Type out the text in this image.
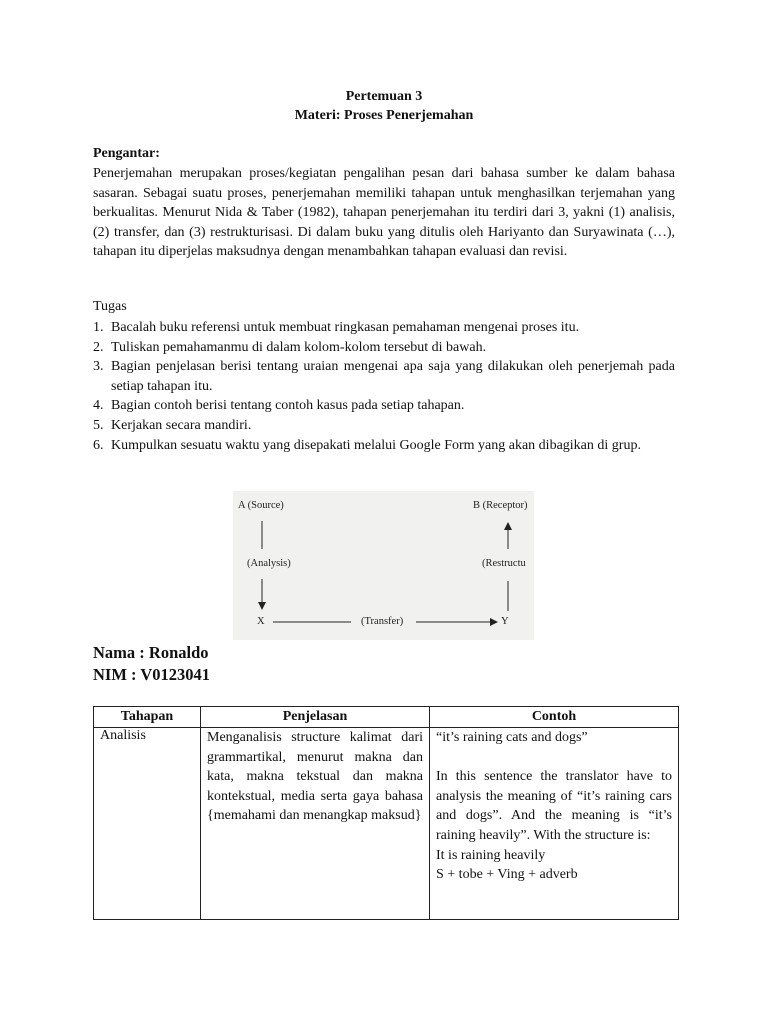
Pertemuan 3
Materi: Proses Penerjemahan
Pengantar:
Penerjemahan merupakan proses/kegiatan pengalihan pesan dari bahasa sumber ke dalam bahasa sasaran. Sebagai suatu proses, penerjemahan memiliki tahapan untuk menghasilkan terjemahan yang berkualitas. Menurut Nida & Taber (1982), tahapan penerjemahan itu terdiri dari 3, yakni (1) analisis, (2) transfer, dan (3) restrukturisasi. Di dalam buku yang ditulis oleh Hariyanto dan Suryawinata (…), tahapan itu diperjelas maksudnya dengan menambahkan tahapan evaluasi dan revisi.
Tugas
1. Bacalah buku referensi untuk membuat ringkasan pemahaman mengenai proses itu.
2. Tuliskan pemahamanmu di dalam kolom-kolom tersebut di bawah.
3. Bagian penjelasan berisi tentang uraian mengenai apa saja yang dilakukan oleh penerjemah pada setiap tahapan itu.
4. Bagian contoh berisi tentang contoh kasus pada setiap tahapan.
5. Kerjakan secara mandiri.
6. Kumpulkan sesuatu waktu yang disepakati melalui Google Form yang akan dibagikan di grup.
A (Source)	B (Receptor)
(Analysis)	(Restructu
X	(Transfer)	Y
Nama : Ronaldo
NIM : V0123041
Tahapan	Penjelasan	Contoh
Analisis	Menganalisis structure kalimat dari grammartikal, menurut makna dan kata, makna tekstual dan makna kontekstual, media serta gaya bahasa {memahami dan menangkap maksud}	“it’s raining cats and dogs”
In this sentence the translator have to analysis the meaning of “it’s raining cars and dogs”. And the meaning is “it’s raining heavily”. With the structure is:
It is raining heavily
S + tobe + Ving + adverb
